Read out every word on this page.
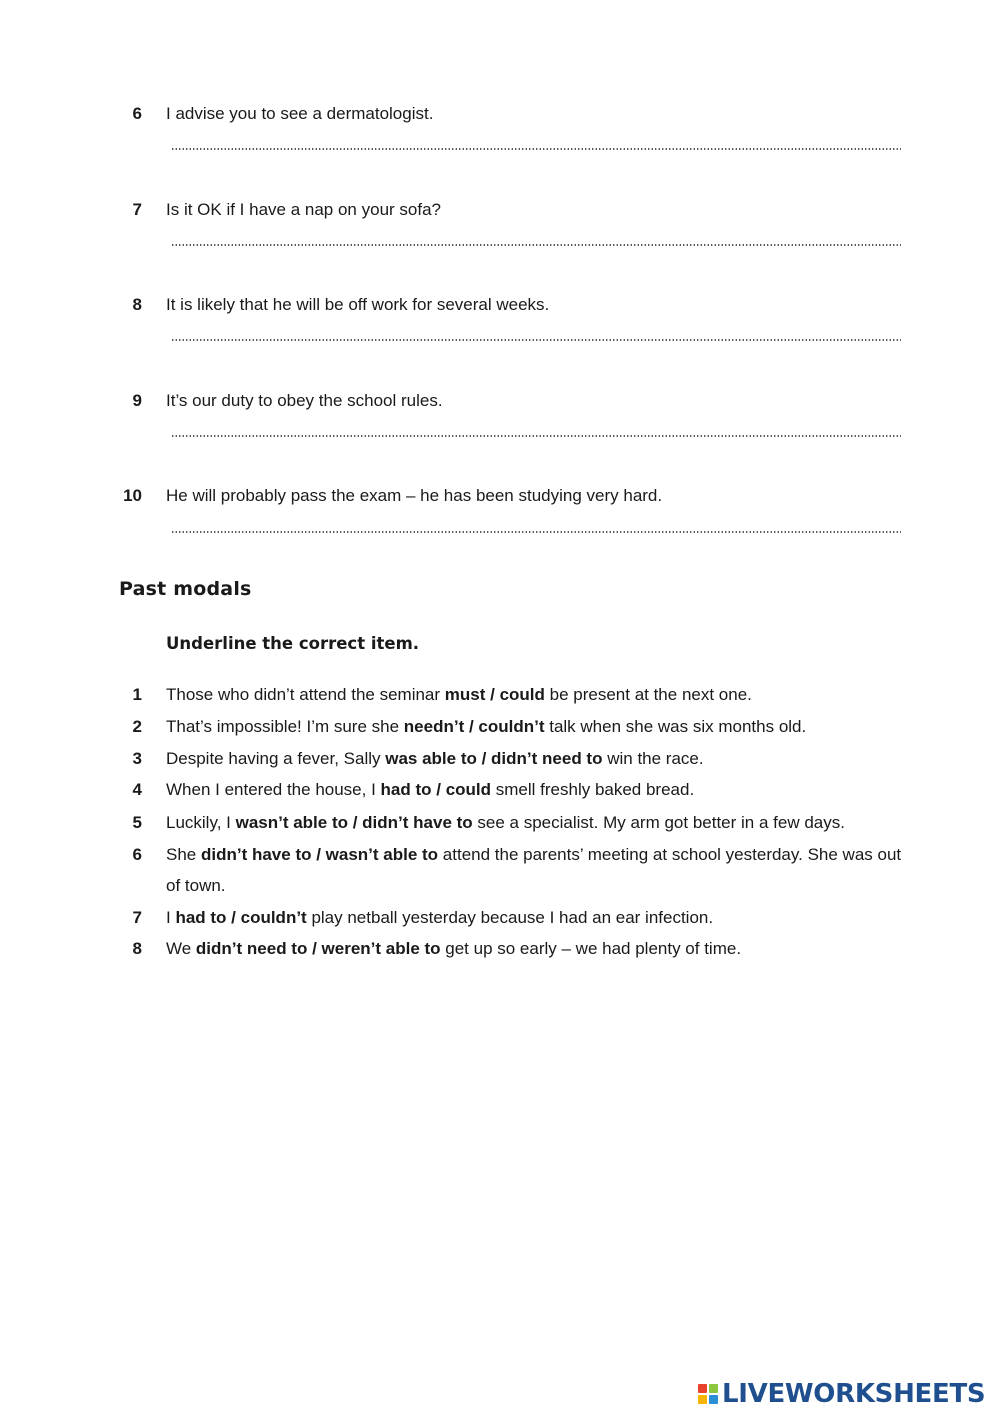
6 I advise you to see a dermatologist.
7 Is it OK if I have a nap on your sofa?
8 It is likely that he will be off work for several weeks.
9 It’s our duty to obey the school rules.
10 He will probably pass the exam – he has been studying very hard.
Past modals
Underline the correct item.
1 Those who didn’t attend the seminar must / could be present at the next one.
2 That’s impossible! I’m sure she needn’t / couldn’t talk when she was six months old.
3 Despite having a fever, Sally was able to / didn’t need to win the race.
4 When I entered the house, I had to / could smell freshly baked bread.
5 Luckily, I wasn’t able to / didn’t have to see a specialist. My arm got better in a few days.
6 She didn’t have to / wasn’t able to attend the parents’ meeting at school yesterday. She was out of town.
7 I had to / couldn’t play netball yesterday because I had an ear infection.
8 We didn’t need to / weren’t able to get up so early – we had plenty of time.
LIVEWORKSHEETS
